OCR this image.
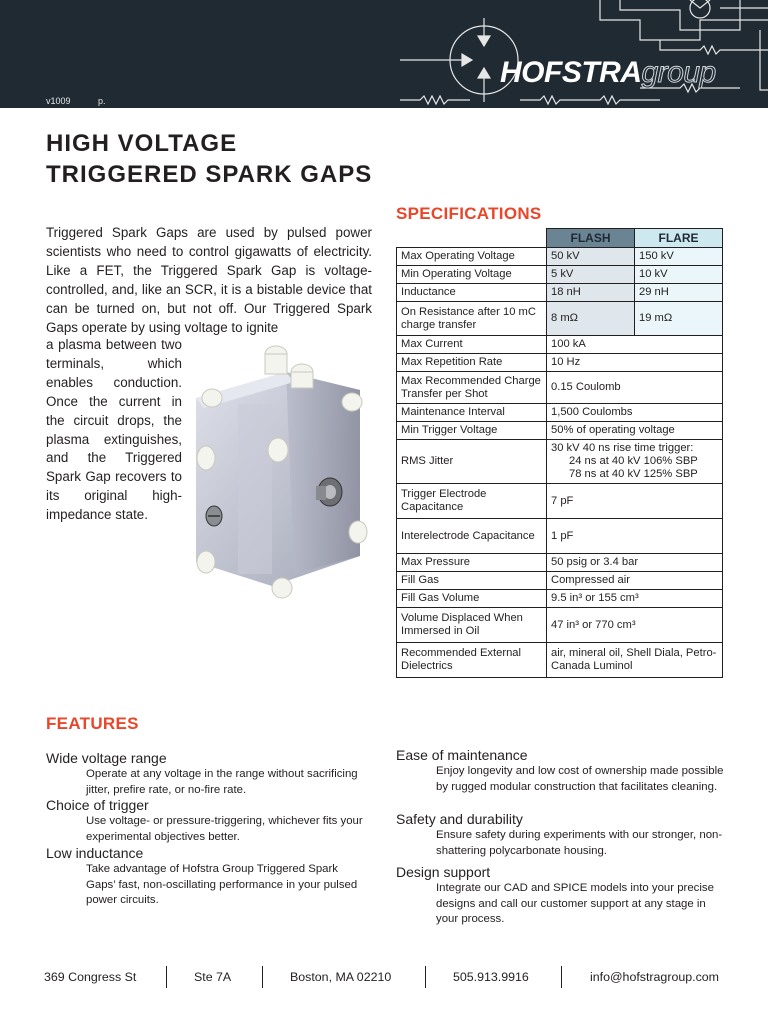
v1009	p.
HOFSTRAgroup
HIGH VOLTAGE
TRIGGERED SPARK GAPS

Triggered Spark Gaps are used by pulsed power scientists who need to control gigawatts of electricity. Like a FET, the Triggered Spark Gap is voltage-controlled, and, like an SCR, it is a bistable device that can be turned on, but not off. Our Triggered Spark Gaps operate by using voltage to ignite

a plasma between two terminals, which enables conduction. Once the current in the circuit drops, the plasma extinguishes, and the Triggered Spark Gap recovers to its original high-impedance state.

SPECIFICATIONS
	FLASH	FLARE
Max Operating Voltage	50 kV	150 kV
Min Operating Voltage	5 kV	10 kV
Inductance	18 nH	29 nH
On Resistance after 10 mC charge transfer	8 mΩ	19 mΩ
Max Current	100 kA	
Max Repetition Rate	10 Hz	
Max Recommended Charge Transfer per Shot	0.15 Coulomb	
Maintenance Interval	1,500 Coulombs	
Min Trigger Voltage	50% of operating voltage	
RMS Jitter	30 kV 40 ns rise time trigger:
24 ns at 40 kV 106% SBP
78 ns at 40 kV 125% SBP	

Trigger Electrode Capacitance	7 pF	
Interelectrode Capacitance	1 pF	
Max Pressure	50 psig or 3.4 bar	
Fill Gas	Compressed air	
Fill Gas Volume	9.5 in³ or 155 cm³	
Volume Displaced When Immersed in Oil	47 in³ or 770 cm³	
Recommended External Dielectrics	air, mineral oil, Shell Diala, Petro-Canada Luminol	
FEATURES
Wide voltage range
Operate at any voltage in the range without sacrificing jitter, prefire rate, or no-fire rate.
Choice of trigger
Use voltage- or pressure-triggering, whichever fits your experimental objectives better.
Low inductance
Take advantage of Hofstra Group Triggered Spark Gaps’ fast, non-oscillating performance in your pulsed power circuits.
Ease of maintenance
Enjoy longevity and low cost of ownership made possible by rugged modular construction that facilitates cleaning.
Safety and durability
Ensure safety during experiments with our stronger, non-shattering polycarbonate housing.
Design support
Integrate our CAD and SPICE models into your precise designs and call our customer support at any stage in your process.
369 Congress St	Ste 7A	Boston, MA 02210	505.913.9916	info@hofstragroup.com
